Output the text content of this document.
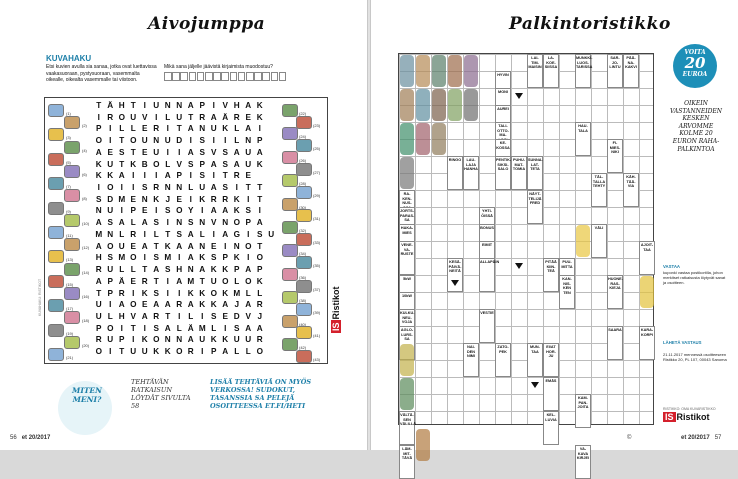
Aivojumppa
KUVAHAKU
Etsi kuvien avulla sia sanaa, jotka ovat luettavissa vaakasuoraan, pystysuoraan, vasemmalta oikealle, oikealta vasemmalle tai viistoon.
Mikä sana jäljelle jäävistä kirjaimista muodostuu?
T Ä H T I U N N A P I V H A K
I R O U V I L U T R A Ä R E K
P I L L E R I T A N U K L A I
O I T O U N U D I S I	I L N P
A E S T E U I	I A S V S A U A
K U T K B O L V S P A S A U K
K K A I	I	I A P I S I T R E
I O I	I S R N N L U A S I T T
S D M E N K J E I K R R K I T
N U I P E I S O Y I A A K S I
A S A L A S I N S N V N O P A
M N L R I L T S A L I A G I S U
A O U E A T K A A N E I N O T
H S M O I S M I A K S P K I O
R U L L T A S H N A K K P A P
A P Ä E R T I A M T U O L O K
T P R I K S I	I K K O K M L L
U I A O E A A R A K K A J A R
U L H V A R T I L I S E D V J
P O I T I S A L Ä M L I S A A
R U P I K O N N A U K K U U R
O I T U U K K O R I P A L L O
(1)
(2)
(3)
(4)
(5)
(6)
(7)
(8)
(9)
(10)
(11)
(12)
(13)
(14)
(15)
(16)
(17)
(18)
(19)
(20)
(21)
(22)
(23)
(24)
(25)
(26)
(27)
(28)
(29)
(30)
(31)
(32)
(33)
(34)
(35)
(36)
(37)
(38)
(39)
(40)
(41)
(42)
(43)
KUVAHAKU: RISTIKOT
ISRistikot
MITEN MENI?
TEHTÄVÄN RATKAISUN LÖYDÄT SIVULTA 58
LISÄÄ TEHTÄVIÄ ON MYÖS VERKOSSA! SUDOKUT, TASANSSIA SA PELEJÄ OSOITTEESSA ET.FI/HETI
56 et 20/2017
Palkintoristikko
LAI-TIM-MAISIN
LA-KOE-SIISSA
MUNKKI-LUOS-TARISSA
SAR-JO-LINTU
PÄÄ-NA-KAKVI
HYVIN
MONI
AUREI
TALI-OTTO-MA-
KE-KOSSA
PENTIK-SIKSI-SALO
HAU-TALA
FI-MIES-NIKI
RINGO	LAU-LAJA HANHA
PUHU-MAT-TOMIA
SUNNA-LAT-TETA
TÄL-TALLA TEHTY
KÄH-TÄÄ-VIA
RA-KEN-NUS-
NÄYT-TELIJÄ FRED
JORTS-PARAS-SA
YHTI-ÖISSÄ
HAKA-MIES
BONUS	VÄLI
VENE-VA-RUSTE
EIMIT	AJOIT-TAA
KESÄ-PÄIVÄ-NEITÄ
ALLAPÄIN	PITÄÄ KIIN-TEÄ
PUU-MITTA
5kW
10kW
KAN-NIS-KEN TEN
HUONE-RAS-KIEJA
KULKU-NEU-VOJA
VESTIE
AGLO-LURS-SA
NAI-DEN NIMI
ZATO-PEK
MUN-TAA
EI/AT HOR-JU
SAARA	KARA-KORPI
EMÄS
KAM-PAN-JOITA
KEL-LUVIA
VÄLTÄ-SEN VÄLILLÄ
LÄM-MIT-TÄVÄ
VA-KAVA KIRJEI
VOITA
20
EUROA
OIKEIN VASTANNEIDEN KESKEN ARVOMME KOLME 20 EURON RAHA-PALKINTOA
VASTAA
kuponki vastaa postikortilla, johon merkitset ratkaisusta löytyvät sanat ja osoitteen.
LÄHETÄ VASTAUS
21.11.2017 mennessä osoitteeseen Ristikko 20, PL 107, 00043 Sanoma
RISTIKKO: OMA KUVARISTIKKO
IS Ristikot
©	et 20/2017 57
